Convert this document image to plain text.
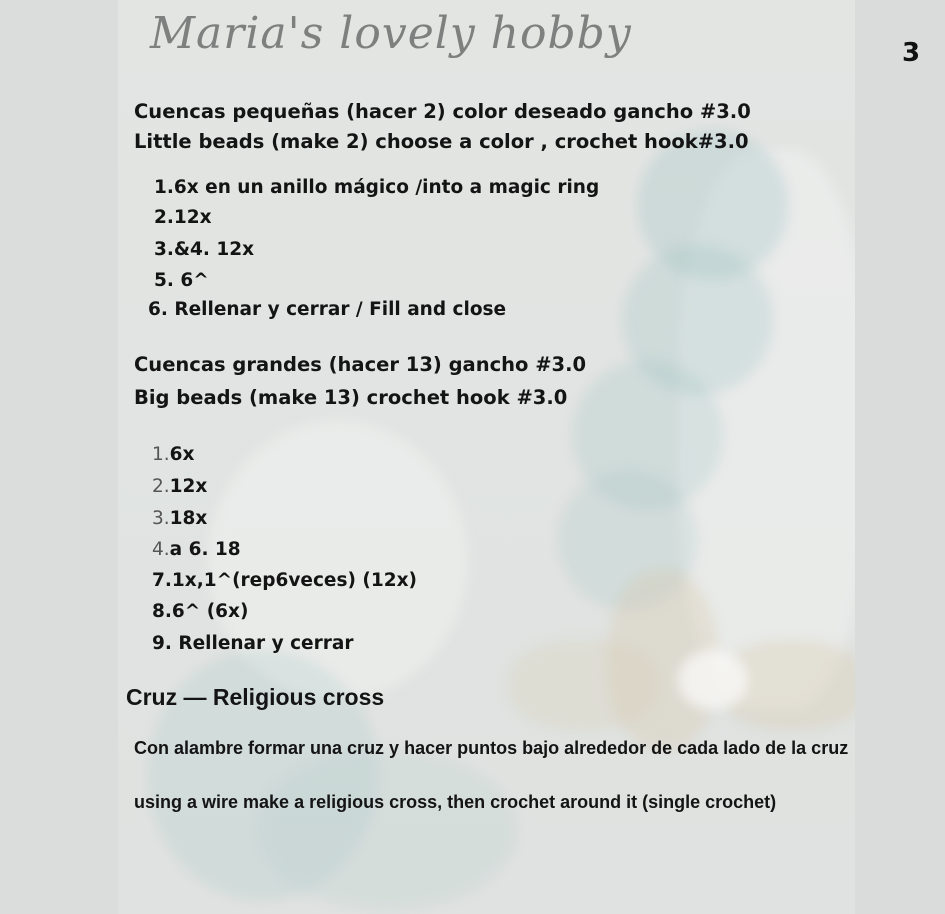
Maria's lovely hobby	3
Cuencas pequeñas (hacer 2) color deseado gancho #3.0
Little beads (make 2) choose a color , crochet hook#3.0
1.6x en un anillo mágico /into a magic ring
2.12x
3.&4. 12x
5. 6^
6. Rellenar y cerrar / Fill and close
Cuencas grandes (hacer 13) gancho #3.0
Big beads (make 13) crochet hook #3.0
1.6x
2.12x
3.18x
4.a 6. 18
7.1x,1^(rep6veces) (12x)
8.6^ (6x)
9. Rellenar y cerrar
Cruz — Religious cross
Con alambre formar una cruz y hacer puntos bajo alrededor de cada lado de la cruz
using a wire make a religious cross, then crochet around it (single crochet)
